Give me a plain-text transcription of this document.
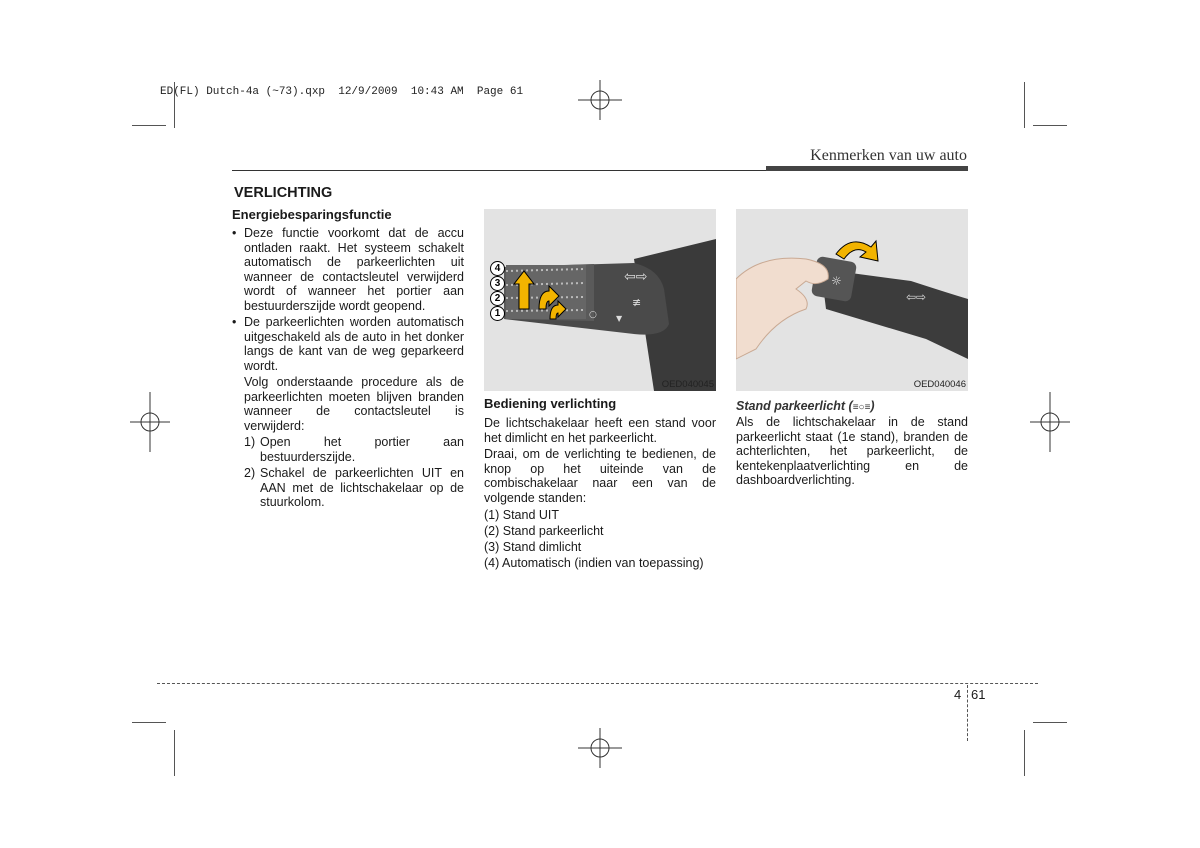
ED(FL) Dutch-4a (~73).qxp  12/9/2009  10:43 AM  Page 61
Kenmerken van uw auto
VERLICHTING
Energiebesparingsfunctie
• Deze functie voorkomt dat de accu ontladen raakt. Het systeem schakelt automatisch de parkeerlichten uit wanneer de contactsleutel verwijderd wordt of wanneer het portier aan bestuurderszijde wordt geopend.
• De parkeerlichten worden automatisch uitgeschakeld als de auto in het donker langs de kant van de weg geparkeerd wordt.
Volg onderstaande procedure als de parkeerlichten moeten blijven branden wanneer de contactsleutel is verwijderd:
1) Open het portier aan bestuurderszijde.
2) Schakel de parkeerlichten UIT en AAN met de lichtschakelaar op de stuurkolom.
⇦⇨
≢
○ ▼
4
3
2
1
OED040045
Bediening verlichting
De lichtschakelaar heeft een stand voor het dimlicht en het parkeerlicht.
Draai, om de verlichting te bedienen, de knop op het uiteinde van de combischakelaar naar een van de volgende standen:
(1) Stand UIT
(2) Stand parkeerlicht
(3) Stand dimlicht
(4) Automatisch (indien van toepassing)
☼
⇦⇨
OED040046
Stand parkeerlicht (≡○≡)
Als de lichtschakelaar in de stand parkeerlicht staat (1e stand), branden de achterlichten, het parkeerlicht, de kentekenplaatverlichting en de dashboardverlichting.
4 61
